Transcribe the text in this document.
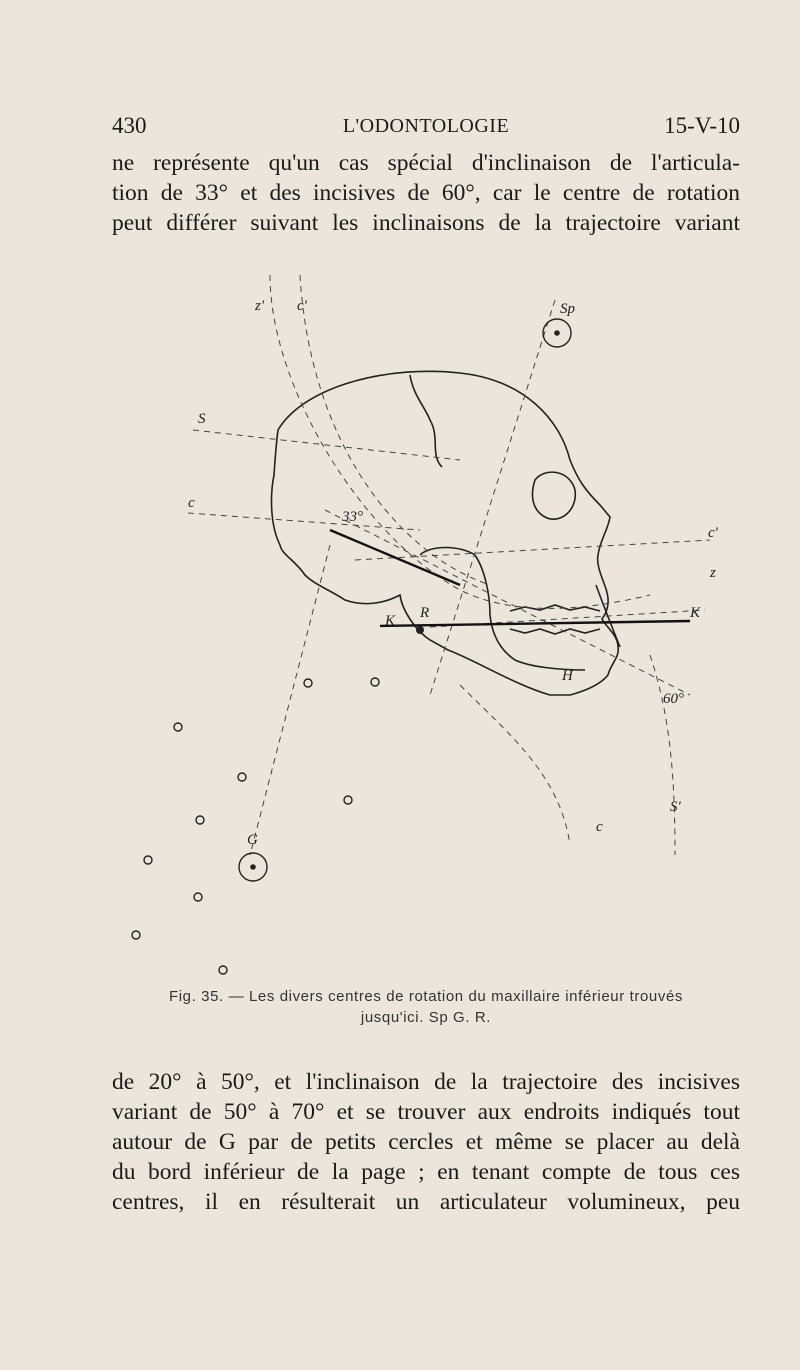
430	L'ODONTOLOGIE	15-V-10
ne représente qu'un cas spécial d'inclinaison de l'articula-
tion de 33° et des incisives de 60°, car le centre de rotation
peut différer suivant les inclinaisons de la trajectoire variant
z' c'	Sp
S
c
33°
c'
z
K
K R
H
60°
S'
c
G
Fig. 35. — Les divers centres de rotation du maxillaire inférieur trouvés
jusqu'ici. Sp G. R.
de 20° à 50°, et l'inclinaison de la trajectoire des incisives
variant de 50° à 70° et se trouver aux endroits indiqués tout
autour de G par de petits cercles et même se placer au delà
du bord inférieur de la page ; en tenant compte de tous ces
centres, il en résulterait un articulateur volumineux, peu
